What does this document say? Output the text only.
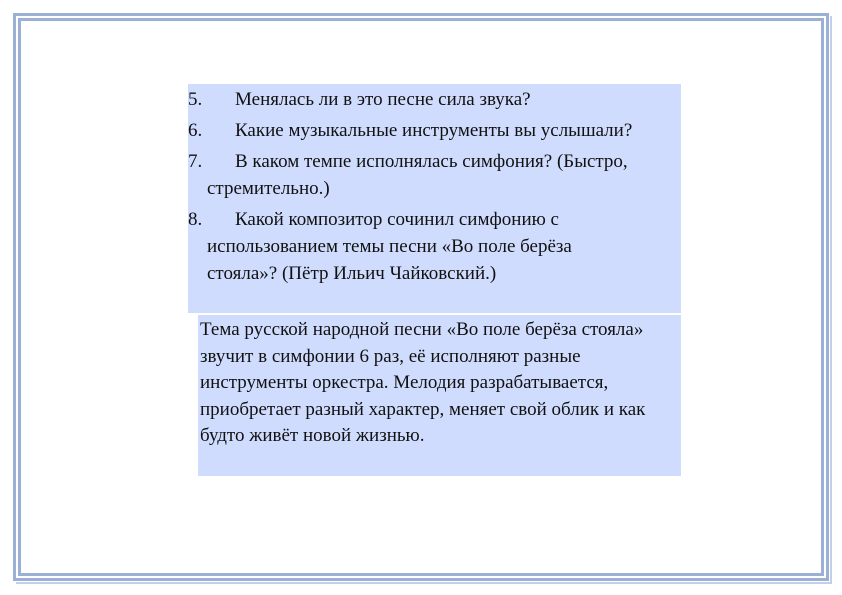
5.	Менялась ли в это песне сила звука?
6.	Какие музыкальные инструменты вы услышали?
7.	В каком темпе исполнялась симфония? (Быстро, стремительно.)
8.	Какой композитор сочинил симфонию с использованием темы песни «Во поле берёза стояла»? (Пётр Ильич Чайковский.)

Тема русской народной песни «Во поле берёза стояла» звучит в симфонии 6 раз, её исполняют разные инструменты оркестра. Мелодия разрабатывается, приобретает разный характер, меняет свой облик и как будто живёт новой жизнью.
